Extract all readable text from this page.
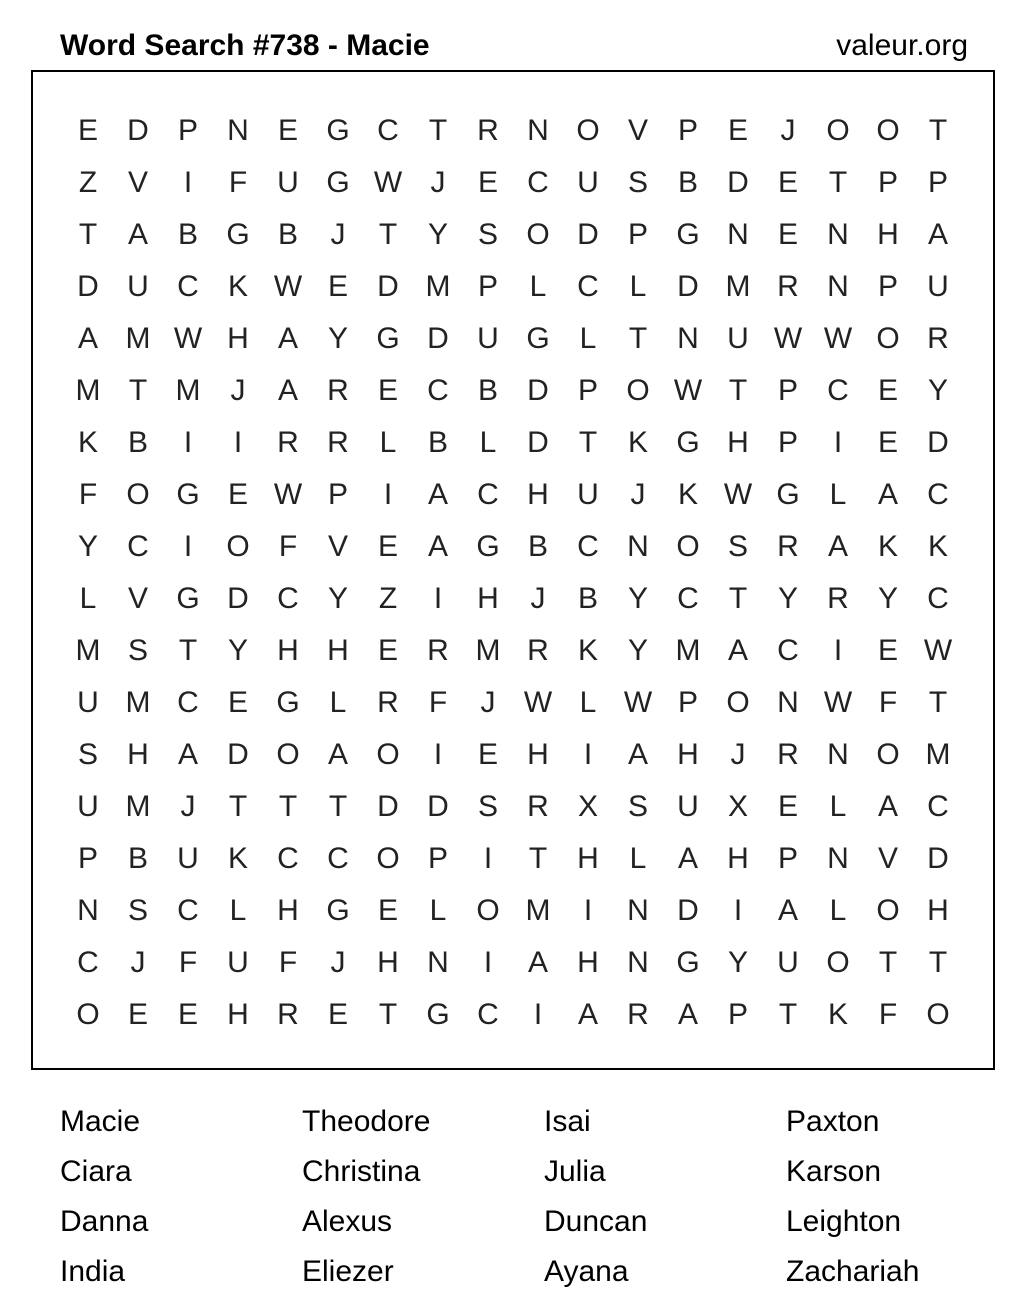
Word Search #738 - Macie	valeur.org
E D P N E G C	T	R N O V P E	J	O O T
Z	V	I	F	U G W J	E C U S B D E	T	P P
T	A B G B	J	T	Y S O D P G N E N H A
D U C K W E D M P	L	C	L	D M R N P U
A M W H A Y G D U G L	T	N U W W O R
M T M	J	A R E C B D P O W T	P C E Y
K B	I	I	R R	L	B	L	D	T	K G H P	I	E D
F O G E W P	I	A C H U	J	K W G L	A C
Y C	I	O F	V E A G B C N O S R A K K
L	V G D C Y	Z	I	H	J	B Y C	T	Y R Y C
M S	T	Y H H E R M R K Y M A C	I	E W
U M C E G L	R	F	J W L W P O N W F	T
S H A D O A O	I	E H	I	A H	J	R N O M
U M	J	T	T	T	D D S R X S U X E	L	A C
P B U K C C O P	I	T	H	L	A H P N V D
N S C	L	H G E	L O M	I	N D	I	A	L O H
C	J	F	U	F	J	H N	I	A H N G Y U O T	T
O E E H R E	T G C	I	A R A P	T	K	F O
Macie	Theodore	Isai	Paxton
Ciara	Christina	Julia	Karson
Danna	Alexus	Duncan	Leighton
India	Eliezer	Ayana	Zachariah
